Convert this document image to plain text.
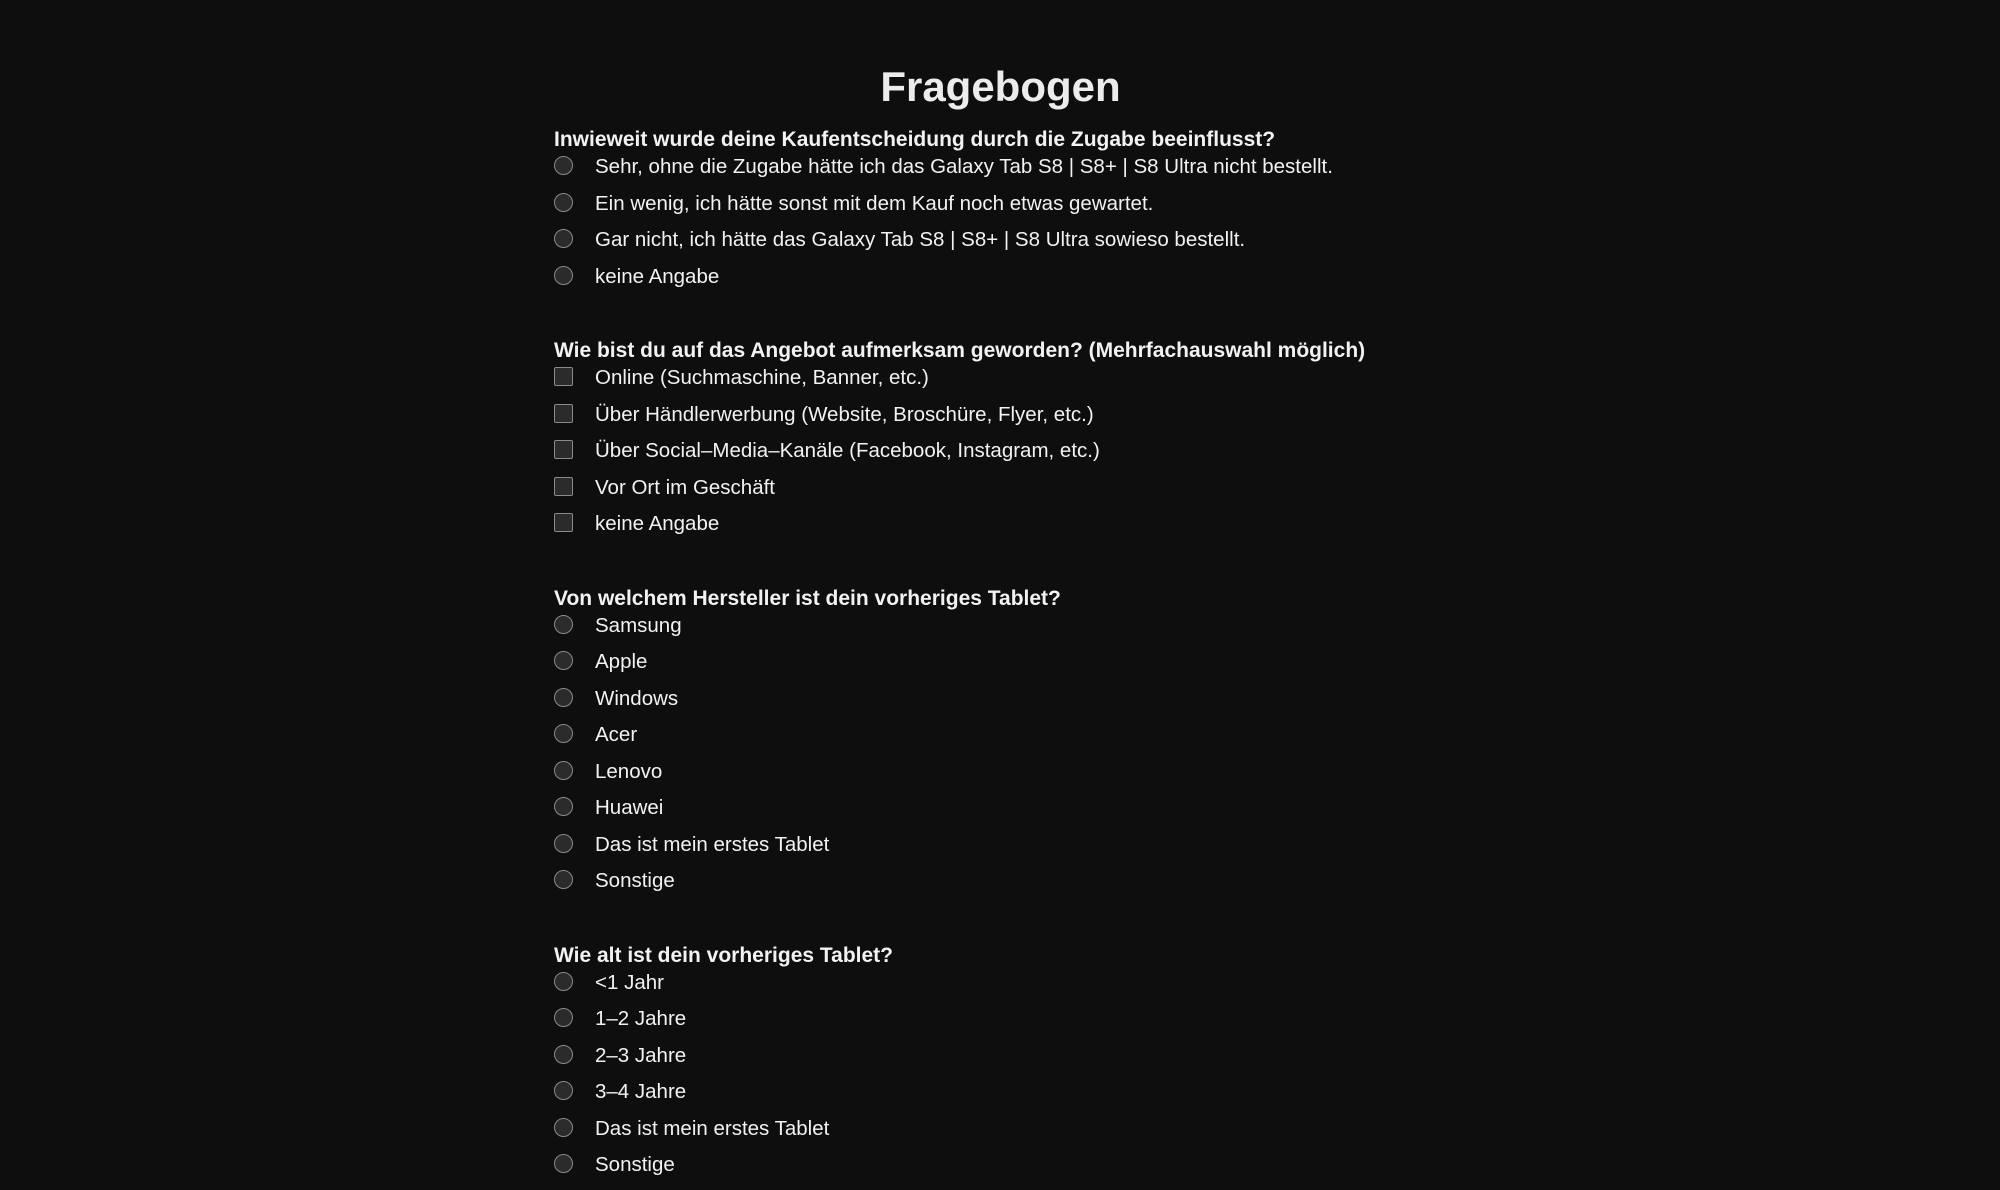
Fragebogen
Inwieweit wurde deine Kaufentscheidung durch die Zugabe beeinflusst?
Sehr, ohne die Zugabe hätte ich das Galaxy Tab S8 | S8+ | S8 Ultra nicht bestellt.
Ein wenig, ich hätte sonst mit dem Kauf noch etwas gewartet.
Gar nicht, ich hätte das Galaxy Tab S8 | S8+ | S8 Ultra sowieso bestellt.
keine Angabe
Wie bist du auf das Angebot aufmerksam geworden? (Mehrfachauswahl möglich)
Online (Suchmaschine, Banner, etc.)
Über Händlerwerbung (Website, Broschüre, Flyer, etc.)
Über Social–Media–Kanäle (Facebook, Instagram, etc.)
Vor Ort im Geschäft
keine Angabe
Von welchem Hersteller ist dein vorheriges Tablet?
Samsung
Apple
Windows
Acer
Lenovo
Huawei
Das ist mein erstes Tablet
Sonstige
Wie alt ist dein vorheriges Tablet?
<1 Jahr
1–2 Jahre
2–3 Jahre
3–4 Jahre
Das ist mein erstes Tablet
Sonstige
